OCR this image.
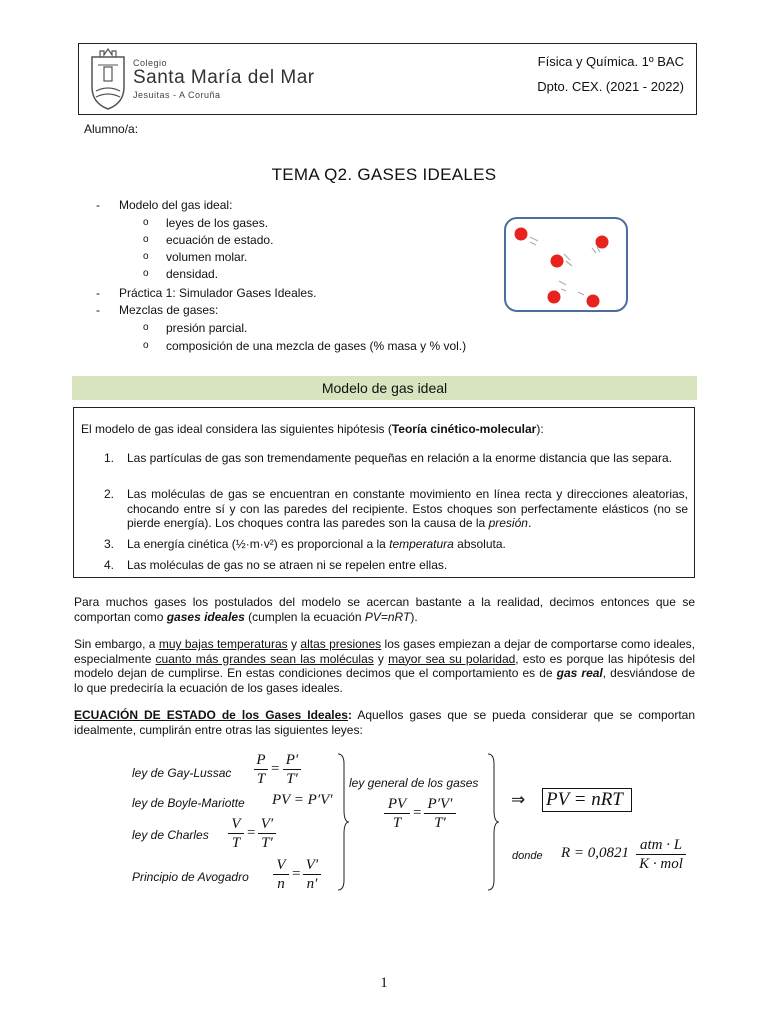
Colegio
Santa María del Mar
Jesuitas - A Coruña
Física y Química. 1º BAC
Dpto. CEX. (2021 - 2022)
Alumno/a:
TEMA Q2. GASES IDEALES
- Modelo del gas ideal:
o leyes de los gases.
o ecuación de estado.
o volumen molar.
o densidad.
- Práctica 1: Simulador Gases Ideales.
- Mezclas de gases:
o presión parcial.
o composición de una mezcla de gases (% masa y % vol.)
Modelo de gas ideal
El modelo de gas ideal considera las siguientes hipótesis (Teoría cinético-molecular):
1. Las partículas de gas son tremendamente pequeñas en relación a la enorme distancia que las separa.
2. Las moléculas de gas se encuentran en constante movimiento en línea recta y direcciones aleatorias, chocando entre sí y con las paredes del recipiente. Estos choques son perfectamente elásticos (no se pierde energía). Los choques contra las paredes son la causa de la presión.
3. La energía cinética (½·m·v²) es proporcional a la temperatura absoluta.
4. Las moléculas de gas no se atraen ni se repelen entre ellas.
Para muchos gases los postulados del modelo se acercan bastante a la realidad, decimos entonces que se comportan como gases ideales (cumplen la ecuación PV=nRT).
Sin embargo, a muy bajas temperaturas y altas presiones los gases empiezan a dejar de comportarse como ideales, especialmente cuanto más grandes sean las moléculas y mayor sea su polaridad, esto es porque las hipótesis del modelo dejan de cumplirse. En estas condiciones decimos que el comportamiento es de gas real, desviándose de lo que predeciría la ecuación de los gases ideales.
ECUACIÓN DE ESTADO de los Gases Ideales: Aquellos gases que se pueda considerar que se comportan idealmente, cumplirán entre otras las siguientes leyes:
ley de Gay-Lussac
P
T
=
P′
T′
ley de Boyle-Mariotte PV = P′V′
ley de Charles
V
T
=
V′
T′
Principio de Avogadro
V
n
=
V′
n′
ley general de los gases
PV
T
=
P′V′
T′
⇒ PV = nRT
donde R = 0,0821 atm · L
K · mol
1
